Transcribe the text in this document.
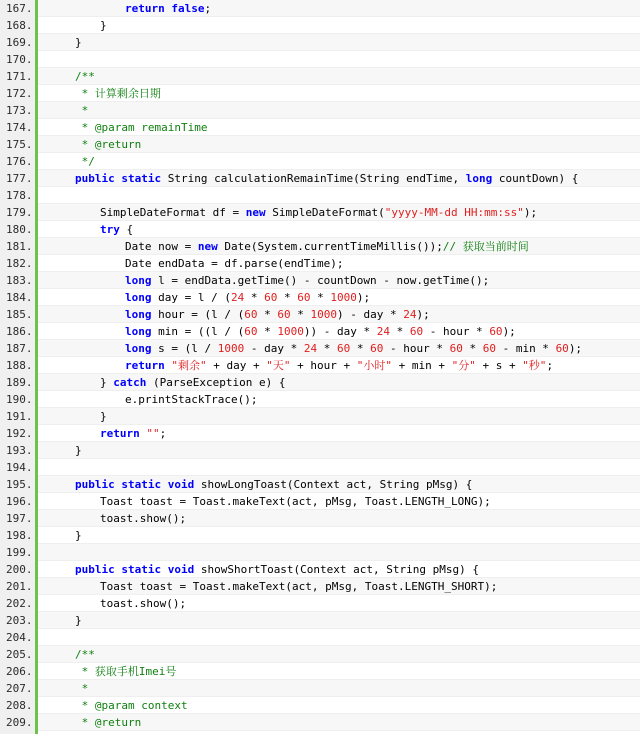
167.	return false;
168.	}
169.	}
170.
171.	/**
172.	* 计算剩余日期
173.	*
174.	* @param remainTime
175.	* @return
176.	*/
177.	public static String calculationRemainTime(String endTime, long countDown) {
178.
179.	SimpleDateFormat df = new SimpleDateFormat("yyyy-MM-dd HH:mm:ss");
180.	try {
181.	Date now = new Date(System.currentTimeMillis());// 获取当前时间
182.	Date endData = df.parse(endTime);
183.	long l = endData.getTime() - countDown - now.getTime();
184.	long day = l / (24 * 60 * 60 * 1000);
185.	long hour = (l / (60 * 60 * 1000) - day * 24);
186.	long min = ((l / (60 * 1000)) - day * 24 * 60 - hour * 60);
187.	long s = (l / 1000 - day * 24 * 60 * 60 - hour * 60 * 60 - min * 60);
188.	return "剩余" + day + "天" + hour + "小时" + min + "分" + s + "秒";
189.	} catch (ParseException e) {
190.	e.printStackTrace();
191.	}
192.	return "";
193.	}
194.
195.	public static void showLongToast(Context act, String pMsg) {
196.	Toast toast = Toast.makeText(act, pMsg, Toast.LENGTH_LONG);
197.	toast.show();
198.	}
199.
200.	public static void showShortToast(Context act, String pMsg) {
201.	Toast toast = Toast.makeText(act, pMsg, Toast.LENGTH_SHORT);
202.	toast.show();
203.	}
204.
205.	/**
206.	* 获取手机Imei号
207.	*
208.	* @param context
209.	* @return
